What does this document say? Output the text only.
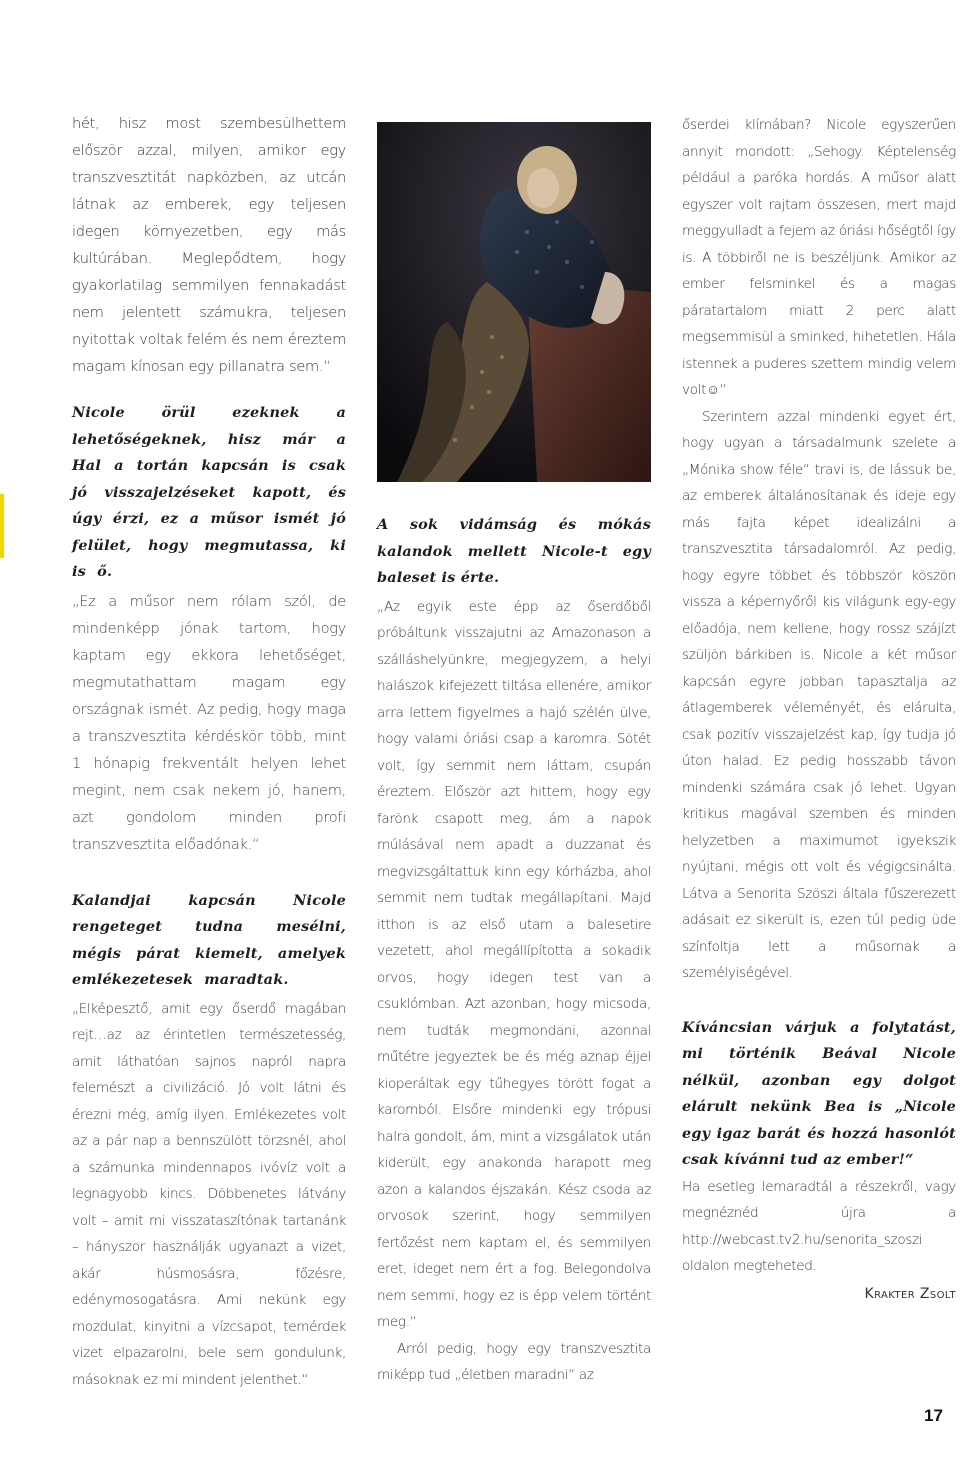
hét, hisz most szembesülhettem először azzal, milyen, amikor egy transzvesztitát napközben, az utcán látnak az emberek, egy teljesen idegen környezetben, egy más kultúrában. Meglepődtem, hogy gyakorlatilag semmilyen fennakadást nem jelentett számukra, teljesen nyitottak voltak felém és nem éreztem magam kínosan egy pillanatra sem.“

Nicole örül ezeknek a lehetőségeknek, hisz már a Hal a tortán kapcsán is csak jó visszajelzéseket kapott, és úgy érzi, ez a műsor ismét jó felület, hogy megmutassa, ki is ő.

„Ez a műsor nem rólam szól, de mindenképp jónak tartom, hogy kaptam egy ekkora lehetőséget, megmutathattam magam egy országnak ismét. Az pedig, hogy maga a transzvesztita kérdéskör több, mint 1 hónapig frekventált helyen lehet megint, nem csak nekem jó, hanem, azt gondolom minden profi transzvesztita előadónak.“

Kalandjai kapcsán Nicole rengeteget tudna mesélni, mégis párat kiemelt, amelyek emlékezetesek maradtak.

„Elképesztő, amit egy őserdő magában rejt…az az érintetlen természetesség, amit láthatóan sajnos napról napra felemészt a civilizáció. Jó volt látni és érezni még, amíg ilyen. Emlékezetes volt az a pár nap a bennszülött törzsnél, ahol a számunka mindennapos ivóvíz volt a legnagyobb kincs. Döbbenetes látvány volt – amit mi visszataszítónak tartanánk – hányszor használják ugyanazt a vizet, akár húsmosásra, főzésre, edénymosogatásra. Ami nekünk egy mozdulat, kinyitni a vízcsapot, temérdek vizet elpazarolni, bele sem gondulunk, másoknak ez mi mindent jelenthet.“

A sok vidámság és mókás kalandok mellett Nicole-t egy baleset is érte.

„Az egyik este épp az őserdőből próbáltunk visszajutni az Amazonason a szálláshelyünkre, megjegyzem, a helyi halászok kifejezett tiltása ellenére, amikor arra lettem figyelmes a hajó szélén ülve, hogy valami óriási csap a karomra. Sötét volt, így semmit nem láttam, csupán éreztem. Először azt hittem, hogy egy farönk csapott meg, ám a napok múlásával nem apadt a duzzanat és megvizsgáltattuk kinn egy kórházba, ahol semmit nem tudtak megállapítani. Majd itthon is az első utam a balesetire vezetett, ahol megállípította a sokadik orvos, hogy idegen test van a csuklómban. Azt azonban, hogy micsoda, nem tudták megmondani, azonnal műtétre jegyeztek be és még aznap éjjel kioperáltak egy tűhegyes törött fogat a karomból. Elsőre mindenki egy trópusi halra gondolt, ám, mint a vizsgálatok után kiderült, egy anakonda harapott meg azon a kalandos éjszakán. Kész csoda az orvosok szerint, hogy semmilyen fertőzést nem kaptam el, és semmilyen eret, ideget nem ért a fog. Belegondolva nem semmi, hogy ez is épp velem történt meg.“

Arról pedig, hogy egy transzvesztita miképp tud „életben maradni“ az

őserdei klímában? Nicole egyszerűen annyit mondott: „Sehogy. Képtelenség például a paróka hordás. A műsor alatt egyszer volt rajtam összesen, mert majd meggyulladt a fejem az óriási hőségtől így is. A többiről ne is beszéljünk. Amikor az ember felsminkel és a magas páratartalom miatt 2 perc alatt megsemmisül a sminked, hihetetlen. Hála istennek a puderes szettem mindig velem volt☺“

Szerintem azzal mindenki egyet ért, hogy ugyan a társadalmunk szelete a „Mónika show féle“ travi is, de lássuk be, az emberek általánosítanak és ideje egy más fajta képet idealizálni a transzvesztita társadalomról. Az pedig, hogy egyre többet és többször köszön vissza a képernyőről kis világunk egy-egy előadója, nem kellene, hogy rossz szájízt szüljön bárkiben is. Nicole a két műsor kapcsán egyre jobban tapasztalja az átlagemberek véleményét, és elárulta, csak pozitív visszajelzést kap, így tudja jó úton halad. Ez pedig hosszabb távon mindenki számára csak jó lehet. Ugyan kritikus magával szemben és minden helyzetben a maximumot igyekszik nyújtani, mégis ott volt és végigcsinálta. Látva a Senorita Szöszi általa fűszerezett adásait ez sikerült is, ezen túl pedig üde színfoltja lett a műsornak a személyiségével.

Kíváncsian várjuk a folytatást, mi történik Beával Nicole nélkül, azonban egy dolgot elárult nekünk Bea is „Nicole egy igaz barát és hozzá hasonlót csak kívánni tud az ember!“

Ha esetleg lemaradtál a részekről, vagy megnéznéd újra a http://webcast.tv2.hu/senorita_szoszi oldalon megteheted.

Krakter Zsolt
17
